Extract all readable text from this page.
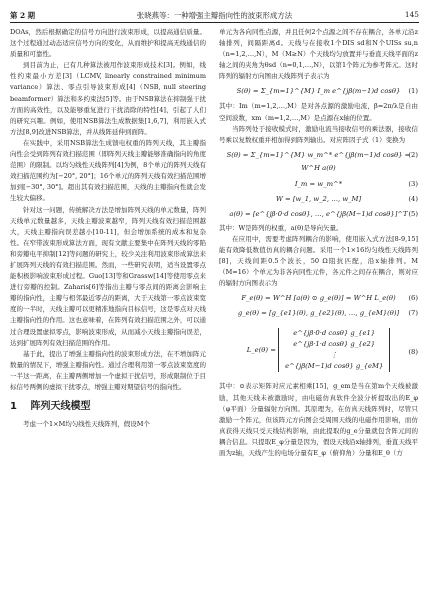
第 2 期	张晓燕等：一种增强主瓣指向性的波束形成方法	145

DOAs，然后根据确定的信号方向进行波束形成，以提高通信质量。这个过程通过动态适应信号方向的变化，从而维护和提高无线通信的质量和可靠性。

到目前为止，已有几种算法被用作波束形成技术[3]。例如，线性约束最小方差[3]（LCMV, linearly constrained minimum variance）算法、零点引导波束形成[4]（NSB, null steering beamformer）算法和多约束法[5]等。由于NSB算法在抑制强干扰方面的高效性，以及能够重复进行干扰消除的特性[4]，引起了人们的研究兴趣。例如，使用NSB算法生成数据集[1,6,7]，利用嵌入式方法[8,9]改进NSB算法，并从线阵延伸到面阵。

在实践中，采用NSB算法生成馈电权重的阵列天线，其主瓣指向性会受到阵列有效扫描范围（即阵列天线主瓣能够准确指向的角度范围）的限制。以均匀线性天线阵列[4]为例，8个单元的阵列天线有效扫描范围约为[−20°, 20°]；16个单元的阵列天线有效扫描范围增加到[−30°, 30°]。超出其有效扫描范围，天线的主瓣指向性就会发生较大偏移。

针对这一问题，传统解决方法是增加阵列天线的单元数量，阵列天线单元数量越多，天线主瓣波束越窄，阵列天线有效扫描范围越大，天线主瓣指向误差越小[10-11]，但会增加系统的成本和复杂性。在窄带波束形成算法方面，现有文献主要集中在阵列天线的零陷和旁瓣电平抑制[12]等问题的研究上，较少关注利用波束形成算法来扩展阵列天线的有效扫描范围。然而，一些研究表明，适当设置零点能积极影响波束形成过程。Guo[13]等和Grassw[14]等使用零点来进行旁瓣的控制。Zaharis[6]等指出主瓣与零点间的距离会影响主瓣的指向性，主瓣与相邻最近零点的距离，大于天线第一零点波束宽度的一半时，天线主瓣可以更精准地指向目标信号，这是零点对天线主瓣指向性的作用。这也意味着，在阵列有效扫描范围之外，可以通过合理设置虚拟零点，影响波束形成，从而减小天线主瓣指向误差，达到扩展阵列有效扫描范围的作用。

基于此，提出了增强主瓣指向性的波束形成方法，在不增加阵元数量的情况下，增强主瓣指向性。通过合理利用第一零点波束宽度的一半这一距离，在主瓣两侧增加一个虚拟干扰信号，形成限制位于目标信号两侧的虚拟干扰零点，增强主瓣对期望信号的指向性。

1 阵列天线模型

考虑一个1×M均匀线性天线阵列，假设M个

单元为各向同性点源，并且任何2个点源之间不存在耦合，各单元沿z轴排列，间隔距离d。天线与在接收1个DIS sd和N个UISs su,n（n=1,2,…,N），M（M≥N）个天线均匀放置并与垂直天线平面的z轴之间的夹角为θsd（n=0,1,…,N），以第1个阵元为参考阵元。这时阵列的辐射方向图由天线阵列子表示为

S(θ) = Σ_{m=1}^{M} I_m e^{jβ(m−1)d cosθ} (1)

其中：Im（m=1,2,…,M）是对各点源的激励电流，β=2π/λ是自由空间波数，xm（m=1,2,…,M）是点源在x轴的位置。

当阵列处于接收模式时，激励电流当接收信号的乘法器，接收信号乘以复数权重并相加得到阵列输出。对应阵因子式（1）变换为

S(θ) = Σ_{m=1}^{M} w_m^* e^{jβ(m−1)d cosθ} = W^H a(θ)
(2)
I_m = w_m^*	(3)
W = [w_1, w_2, …, w_M]	(4)
a(θ) = [e^{jβ·0·d cosθ}, …, e^{jβ(M−1)d cosθ}]^T (5)

其中：W是阵列的权重，a(θ)是导向矢量。

在应用中，需要考虑阵列耦合的影响，使用嵌入式方法[8-9,15]能有效降低数值仿真的耦合问题。采用一个1×16均匀线性天线阵列[8]，天线间距0.5个波长，50 Ω阻抗匹配，沿x轴排列。M（M=16）个单元为非各向同性元件，各元件之间存在耦合，则对应的辐射方向图表示为

F_e(θ) = W^H [a(θ) ⊙ g_e(θ)] = W^H L_e(θ) (6)
g_e(θ) = [g_{e1}(θ), g_{e2}(θ), …, g_{eM}(θ)] (7)
L_e(θ) = e^{jβ·0·d cosθ} g_{e1}
e^{jβ·1·d cosθ} g_{e2}
⋮
e^{jβ(M−1)d cosθ} g_{eM}
(8)

其中：⊙表示矩阵对应元素相乘[15]，g_em是当在第m个天线被激励，其他天线未被激励时，由电磁仿真软件全波分析提取出的E_φ（φ平面）分量辐射方向图。其原理为，在仿真天线阵列时，尽管只激励一个阵元，但该阵元方向图会受周围天线的电磁作用影响，而仿真获得天线只受天线结构影响，由此提取的g_e分量就包含阵元间的耦合信息。只提取E_φ分量是因为，假设天线沿x轴排列，垂直天线平面为z轴，天线产生的电场分量有E_φ（俯仰角）分量和E_θ（方
